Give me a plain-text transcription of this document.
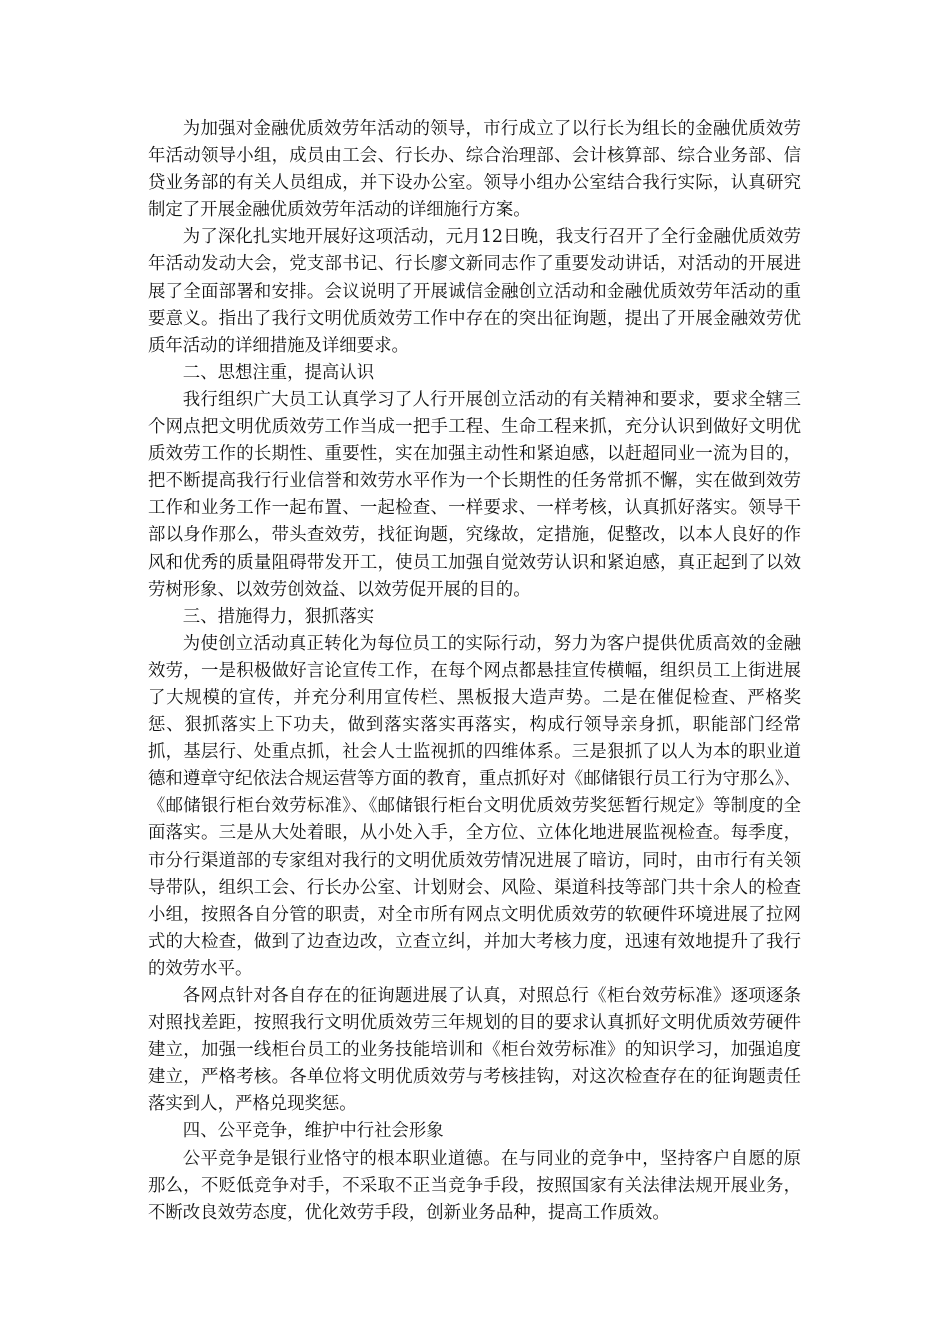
为加强对金融优质效劳年活动的领导，市行成立了以行长为组长的金融优质效劳年活动领导小组，成员由工会、行长办、综合治理部、会计核算部、综合业务部、信贷业务部的有关人员组成，并下设办公室。领导小组办公室结合我行实际，认真研究制定了开展金融优质效劳年活动的详细施行方案。

为了深化扎实地开展好这项活动，元月12日晚，我支行召开了全行金融优质效劳年活动发动大会，党支部书记、行长廖文新同志作了重要发动讲话，对活动的开展进展了全面部署和安排。会议说明了开展诚信金融创立活动和金融优质效劳年活动的重要意义。指出了我行文明优质效劳工作中存在的突出征询题，提出了开展金融效劳优质年活动的详细措施及详细要求。

二、思想注重，提高认识

我行组织广大员工认真学习了人行开展创立活动的有关精神和要求，要求全辖三个网点把文明优质效劳工作当成一把手工程、生命工程来抓，充分认识到做好文明优质效劳工作的长期性、重要性，实在加强主动性和紧迫感，以赶超同业一流为目的，把不断提高我行行业信誉和效劳水平作为一个长期性的任务常抓不懈，实在做到效劳工作和业务工作一起布置、一起检查、一样要求、一样考核，认真抓好落实。领导干部以身作那么，带头查效劳，找征询题，究缘故，定措施，促整改，以本人良好的作风和优秀的质量阻碍带发开工，使员工加强自觉效劳认识和紧迫感，真正起到了以效劳树形象、以效劳创效益、以效劳促开展的目的。

三、措施得力，狠抓落实

为使创立活动真正转化为每位员工的实际行动，努力为客户提供优质高效的金融效劳，一是积极做好言论宣传工作，在每个网点都悬挂宣传横幅，组织员工上街进展了大规模的宣传，并充分利用宣传栏、黑板报大造声势。二是在催促检查、严格奖惩、狠抓落实上下功夫，做到落实落实再落实，构成行领导亲身抓，职能部门经常抓，基层行、处重点抓，社会人士监视抓的四维体系。三是狠抓了以人为本的职业道德和遵章守纪依法合规运营等方面的教育，重点抓好对《邮储银行员工行为守那么》、《邮储银行柜台效劳标准》、《邮储银行柜台文明优质效劳奖惩暂行规定》等制度的全面落实。三是从大处着眼，从小处入手，全方位、立体化地进展监视检查。每季度，市分行渠道部的专家组对我行的文明优质效劳情况进展了暗访，同时，由市行有关领导带队，组织工会、行长办公室、计划财会、风险、渠道科技等部门共十余人的检查小组，按照各自分管的职责，对全市所有网点文明优质效劳的软硬件环境进展了拉网式的大检查，做到了边查边改，立查立纠，并加大考核力度，迅速有效地提升了我行的效劳水平。

各网点针对各自存在的征询题进展了认真，对照总行《柜台效劳标准》逐项逐条对照找差距，按照我行文明优质效劳三年规划的目的要求认真抓好文明优质效劳硬件建立，加强一线柜台员工的业务技能培训和《柜台效劳标准》的知识学习，加强追度建立，严格考核。各单位将文明优质效劳与考核挂钩，对这次检查存在的征询题责任落实到人，严格兑现奖惩。

四、公平竞争，维护中行社会形象

公平竞争是银行业恪守的根本职业道德。在与同业的竞争中，坚持客户自愿的原那么，不贬低竞争对手，不采取不正当竞争手段，按照国家有关法律法规开展业务，不断改良效劳态度，优化效劳手段，创新业务品种，提高工作质效。
